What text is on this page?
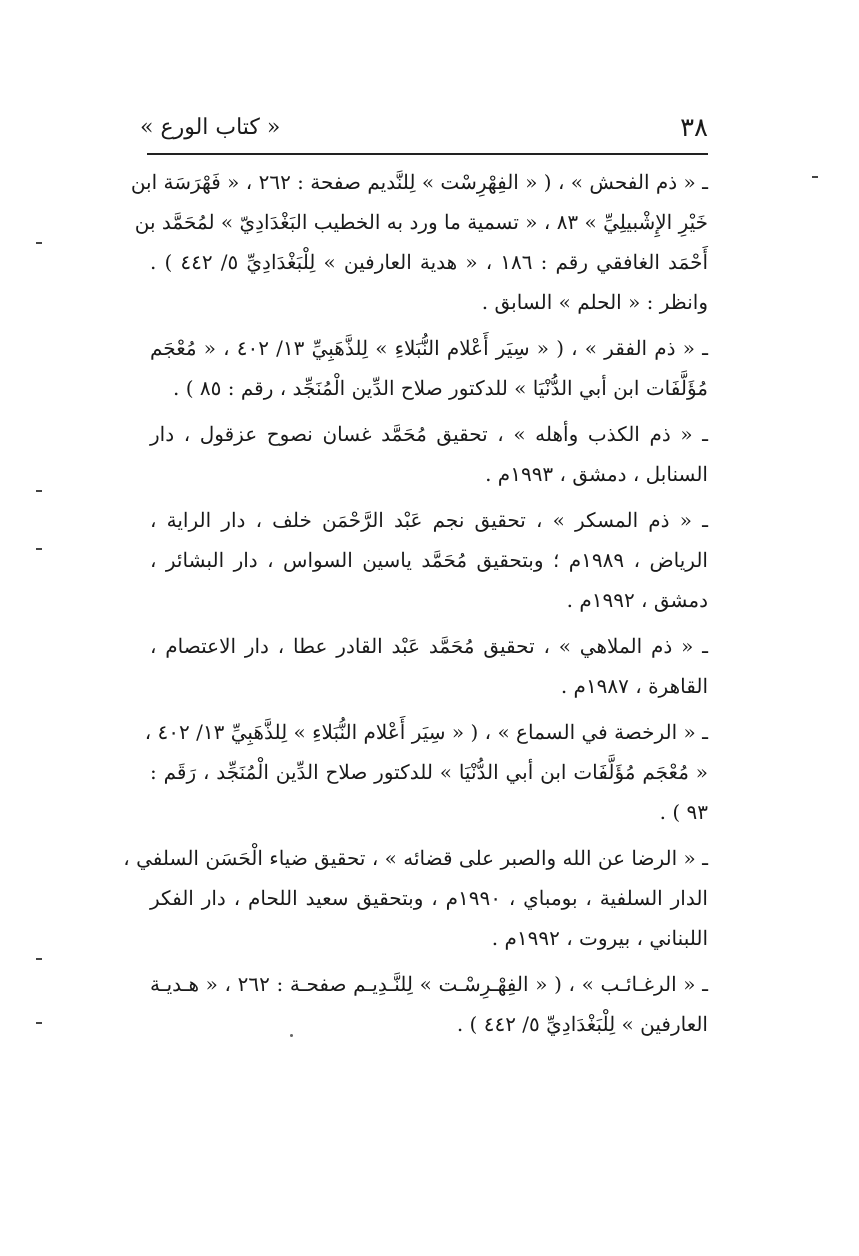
٣٨
« كتاب الورع »
ـ « ذم الفحش » ، ( « الفِهْرِسْت » لِلنَّديم صفحة : ٢٦٢ ، « فَهْرَسَة ابن
خَيْرِ الإِشْبيلِيِّ » ٨٣ ، « تسمية ما ورد به الخطيب البَغْدَادِيّ » لمُحَمَّد بن
أَحْمَد الغافقي رقم : ١٨٦ ، « هدية العارفين » لِلْبَغْدَادِيِّ ٥/ ٤٤٢ ) .
وانظر : « الحلم » السابق .
ـ « ذم الفقر » ، ( « سِيَر أَعْلام النُّبَلاءِ » لِلذَّهَبِيِّ ١٣/ ٤٠٢ ، « مُعْجَم
مُؤَلَّفَات ابن أبي الدُّنْيَا » للدكتور صلاح الدِّين الْمُنَجِّد ، رقم : ٨٥ ) .
ـ « ذم الكذب وأهله » ، تحقيق مُحَمَّد غسان نصوح عزقول ، دار
السنابل ، دمشق ، ١٩٩٣م .
ـ « ذم المسكر » ، تحقيق نجم عَبْد الرَّحْمَن خلف ، دار الراية ،
الرياض ، ١٩٨٩م ؛ وبتحقيق مُحَمَّد ياسين السواس ، دار البشائر ،
دمشق ، ١٩٩٢م .
ـ « ذم الملاهي » ، تحقيق مُحَمَّد عَبْد القادر عطا ، دار الاعتصام ،
القاهرة ، ١٩٨٧م .
ـ « الرخصة في السماع » ، ( « سِيَر أَعْلام النُّبَلاءِ » لِلذَّهَبِيِّ ١٣/ ٤٠٢ ،
« مُعْجَم مُؤَلَّفَات ابن أبي الدُّنْيَا » للدكتور صلاح الدِّين الْمُنَجِّد ، رَقَم :
٩٣ ) .
ـ « الرضا عن الله والصبر على قضائه » ، تحقيق ضياء الْحَسَن السلفي ،
الدار السلفية ، بومباي ، ١٩٩٠م ، وبتحقيق سعيد اللحام ، دار الفكر
اللبناني ، بيروت ، ١٩٩٢م .
ـ « الرغـائـب » ، ( « الفِهْـرِسْـت » لِلنَّـدِيـم صفحـة : ٢٦٢ ، « هـديـة
العارفين » لِلْبَغْدَادِيِّ ٥/ ٤٤٢ ) .
